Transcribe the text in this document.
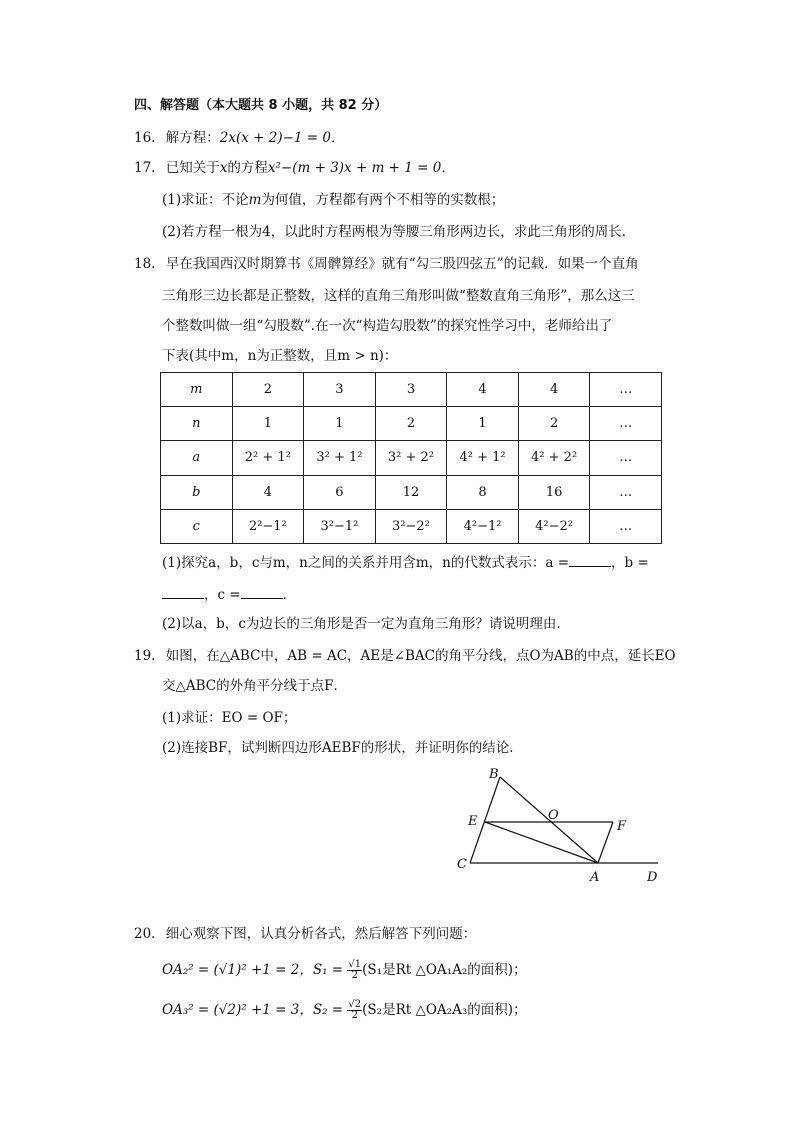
四、解答题（本大题共 8 小题，共 82 分）
16. 解方程：2x(x + 2)−1 = 0．
17. 已知关于x的方程x²−(m + 3)x + m + 1 = 0．
(1)求证：不论m为何值，方程都有两个不相等的实数根；
(2)若方程一根为4，以此时方程两根为等腰三角形两边长，求此三角形的周长．
18. 早在我国西汉时期算书《周髀算经》就有“勾三股四弦五”的记载．如果一个直角
三角形三边长都是正整数，这样的直角三角形叫做“整数直角三角形”，那么这三
个整数叫做一组“勾股数”.在一次“构造勾股数”的探究性学习中，老师给出了
下表(其中m，n为正整数，且m > n)：
m	2	3	3	4	4	…
n	1	1	2	1	2	…
a	2² + 1²	3² + 1²	3² + 2²	4² + 1²	4² + 2²	…
b	4	6	12	8	16	…
c	2²−1²	3²−1²	3²−2²	4²−1²	4²−2²	…
(1)探究a，b，c与m，n之间的关系并用含m，n的代数式表示：a =	，b =
，c =	．
(2)以a，b，c为边长的三角形是否一定为直角三角形？请说明理由．
19. 如图，在△ABC中，AB = AC，AE是∠BAC的角平分线，点O为AB的中点，延长EO
交△ABC的外角平分线于点F．
(1)求证：EO = OF；
(2)连接BF，试判断四边形AEBF的形状，并证明你的结论．
B
O
E	F
C
A	D
20. 细心观察下图，认真分析各式，然后解答下列问题：
OA₂² = (√1)² +1 = 2，$S_1 = \frac{√1}{2} (S_1$是Rt △OA₁A₂的面积)；
OA₃² = (√2)² +1 = 3，$S_2 = \frac{√2}{2} (S_2$是Rt △OA₂A₃的面积)；
